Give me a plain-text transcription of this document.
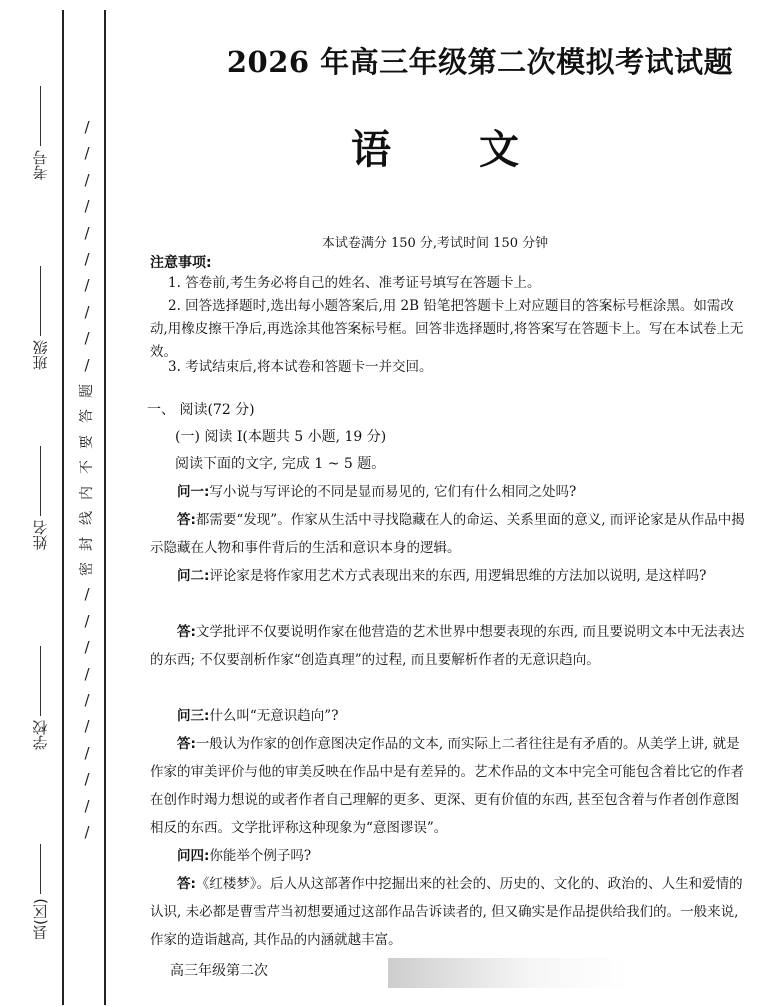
考号
班级
姓名
学校
县(区)
/
/
/
/
/
/
/
/
/
/
题
答
要
不
内
线
封
密
/
/
/
/
/
/
/
/
/
/
2026 年高三年级第二次模拟考试试题
语文
本试卷满分 150 分,考试时间 150 分钟
注意事项:
1. 答卷前,考生务必将自己的姓名、准考证号填写在答题卡上。
2. 回答选择题时,选出每小题答案后,用 2B 铅笔把答题卡上对应题目的答案标号框涂黑。如需改动,用橡皮擦干净后,再选涂其他答案标号框。回答非选择题时,将答案写在答题卡上。写在本试卷上无效。
3. 考试结束后,将本试卷和答题卡一并交回。
一、 阅读(72 分)
(一) 阅读 I(本题共 5 小题, 19 分)
阅读下面的文字, 完成 1 ~ 5 题。
问一:写小说与写评论的不同是显而易见的, 它们有什么相同之处吗?
答:都需要“发现”。作家从生活中寻找隐藏在人的命运、关系里面的意义, 而评论家是从作品中揭示隐藏在人物和事件背后的生活和意识本身的逻辑。
问二:评论家是将作家用艺术方式表现出来的东西, 用逻辑思维的方法加以说明, 是这样吗?
答:文学批评不仅要说明作家在他营造的艺术世界中想要表现的东西, 而且要说明文本中无法表达的东西; 不仅要剖析作家“创造真理”的过程, 而且要解析作者的无意识趋向。
问三:什么叫“无意识趋向”?
答:一般认为作家的创作意图决定作品的文本, 而实际上二者往往是有矛盾的。从美学上讲, 就是作家的审美评价与他的审美反映在作品中是有差异的。艺术作品的文本中完全可能包含着比它的作者在创作时竭力想说的或者作者自己理解的更多、更深、更有价值的东西, 甚至包含着与作者创作意图相反的东西。文学批评称这种现象为“意图谬误”。
问四:你能举个例子吗?
答:《红楼梦》。后人从这部著作中挖掘出来的社会的、历史的、文化的、政治的、人生和爱情的认识, 未必都是曹雪芹当初想要通过这部作品告诉读者的, 但又确实是作品提供给我们的。一般来说, 作家的造诣越高, 其作品的内涵就越丰富。
高三年级第二次
